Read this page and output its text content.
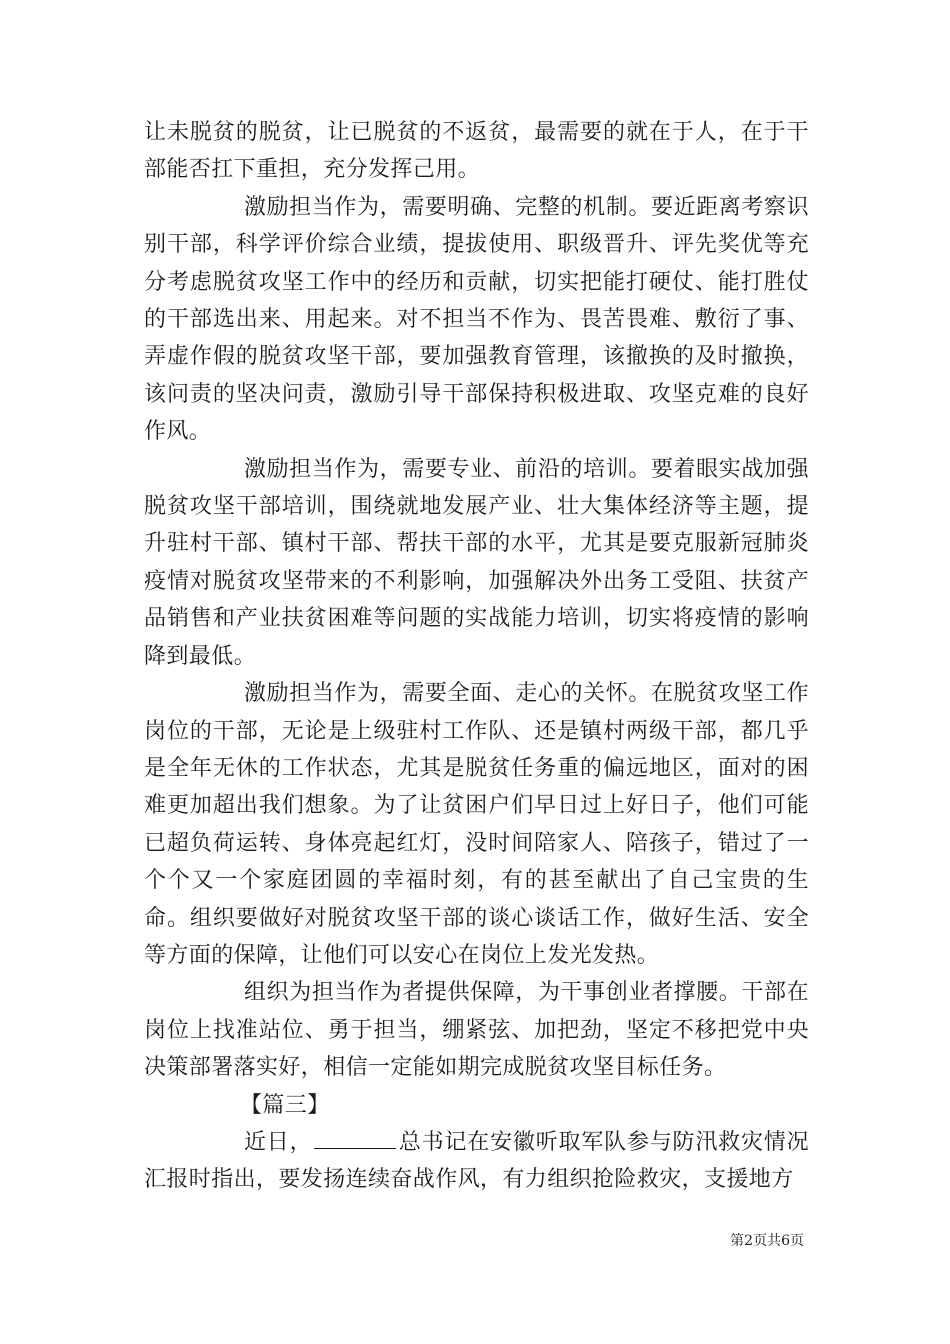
让未脱贫的脱贫，让已脱贫的不返贫，最需要的就在于人，在于干部能否扛下重担，充分发挥己用。

激励担当作为，需要明确、完整的机制。要近距离考察识别干部，科学评价综合业绩，提拔使用、职级晋升、评先奖优等充分考虑脱贫攻坚工作中的经历和贡献，切实把能打硬仗、能打胜仗的干部选出来、用起来。对不担当不作为、畏苦畏难、敷衍了事、弄虚作假的脱贫攻坚干部，要加强教育管理，该撤换的及时撤换，该问责的坚决问责，激励引导干部保持积极进取、攻坚克难的良好作风。

激励担当作为，需要专业、前沿的培训。要着眼实战加强脱贫攻坚干部培训，围绕就地发展产业、壮大集体经济等主题，提升驻村干部、镇村干部、帮扶干部的水平，尤其是要克服新冠肺炎疫情对脱贫攻坚带来的不利影响，加强解决外出务工受阻、扶贫产品销售和产业扶贫困难等问题的实战能力培训，切实将疫情的影响降到最低。

激励担当作为，需要全面、走心的关怀。在脱贫攻坚工作岗位的干部，无论是上级驻村工作队、还是镇村两级干部，都几乎是全年无休的工作状态，尤其是脱贫任务重的偏远地区，面对的困难更加超出我们想象。为了让贫困户们早日过上好日子，他们可能已超负荷运转、身体亮起红灯，没时间陪家人、陪孩子，错过了一个个又一个家庭团圆的幸福时刻，有的甚至献出了自己宝贵的生命。组织要做好对脱贫攻坚干部的谈心谈话工作，做好生活、安全等方面的保障，让他们可以安心在岗位上发光发热。

组织为担当作为者提供保障，为干事创业者撑腰。干部在岗位上找准站位、勇于担当，绷紧弦、加把劲，坚定不移把党中央决策部署落实好，相信一定能如期完成脱贫攻坚目标任务。

【篇三】

近日，	总书记在安徽听取军队参与防汛救灾情况汇报时指出，要发扬连续奋战作风，有力组织抢险救灾，支援地方

第2页共6页
